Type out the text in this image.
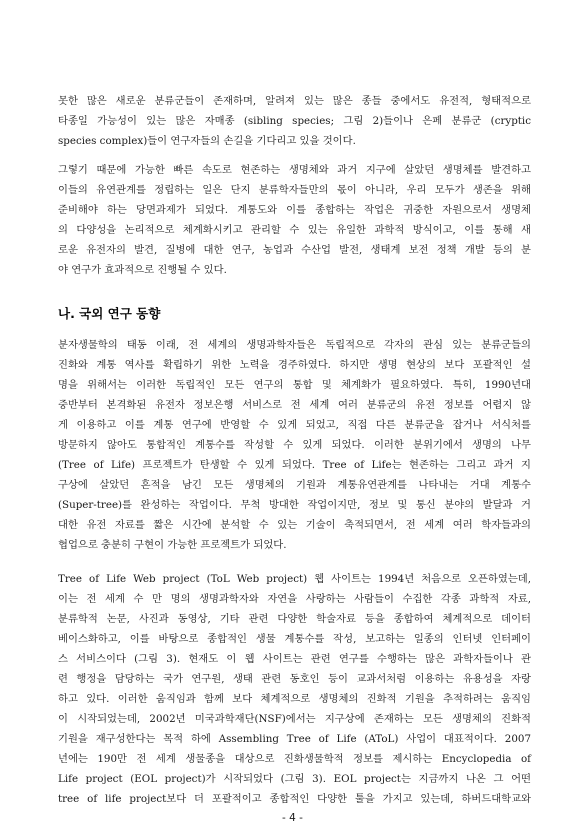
못한 많은 새로운 분류군들이 존재하며, 알려져 있는 많은 종들 중에서도 유전적, 형태적으로
타종일 가능성이 있는 많은 자매종 (sibling species; 그림 2)들이나 은페 분류군 (cryptic
species complex)들이 연구자들의 손길을 기다리고 있을 것이다.
그렇기 때문에 가능한 빠른 속도로 현존하는 생명체와 과거 지구에 살았던 생명체를 발견하고
이들의 유연관계를 정립하는 일은 단지 분류학자들만의 몫이 아니라, 우리 모두가 생존을 위해
준비해야 하는 당면과제가 되었다. 계통도와 이를 종합하는 작업은 귀중한 자원으로서 생명체
의 다양성을 논리적으로 체계화시키고 관리할 수 있는 유일한 과학적 방식이고, 이를 통해 새
로운 유전자의 발견, 질병에 대한 연구, 농업과 수산업 발전, 생태계 보전 정책 개발 등의 분
야 연구가 효과적으로 진행될 수 있다.
나. 국외 연구 동향
분자생물학의 태동 이래, 전 세계의 생명과학자들은 독립적으로 각자의 관심 있는 분류군들의
진화와 계통 역사를 확립하기 위한 노력을 경주하였다. 하지만 생명 현상의 보다 포괄적인 설
명을 위해서는 이러한 독립적인 모든 연구의 통합 및 체계화가 필요하였다. 특히, 1990년대
중반부터 본격화된 유전자 정보은행 서비스로 전 세계 여러 분류군의 유전 정보를 어렵지 않
게 이용하고 이를 계통 연구에 반영할 수 있게 되었고, 직접 다른 분류군을 잡거나 서식처를
방문하지 않아도 통합적인 계통수를 작성할 수 있게 되었다. 이러한 분위기에서 생명의 나무
(Tree of Life) 프로젝트가 탄생할 수 있게 되었다. Tree of Life는 현존하는 그리고 과거 지
구상에 살았던 흔적을 남긴 모든 생명체의 기원과 계통유연관계를 나타내는 거대 계통수
(Super-tree)를 완성하는 작업이다. 무척 방대한 작업이지만, 정보 및 통신 분야의 발달과 거
대한 유전 자료를 짧은 시간에 분석할 수 있는 기술이 축적되면서, 전 세계 여러 학자들과의
협업으로 충분히 구현이 가능한 프로젝트가 되었다.
Tree of Life Web project (ToL Web project) 웹 사이트는 1994년 처음으로 오픈하였는데,
이는 전 세계 수 만 명의 생명과학자와 자연을 사랑하는 사람들이 수집한 각종 과학적 자료,
분류학적 논문, 사진과 동영상, 기타 관련 다양한 학술자료 등을 종합하여 체계적으로 데이터
베이스화하고, 이를 바탕으로 종합적인 생물 계통수를 작성, 보고하는 일종의 인터넷 인터페이
스 서비스이다 (그림 3). 현재도 이 웹 사이트는 관련 연구를 수행하는 많은 과학자들이나 관
련 행정을 담당하는 국가 연구원, 생태 관련 동호인 등이 교과서처럼 이용하는 유용성을 자랑
하고 있다. 이러한 움직임과 함께 보다 체계적으로 생명체의 진화적 기원을 추적하려는 움직임
이 시작되었는데, 2002년 미국과학재단(NSF)에서는 지구상에 존재하는 모든 생명체의 진화적
기원을 재구성한다는 목적 하에 Assembling Tree of Life (AToL) 사업이 대표적이다. 2007
년에는 190만 전 세계 생물종을 대상으로 진화생물학적 정보를 제시하는 Encyclopedia of
Life project (EOL project)가 시작되었다 (그림 3). EOL project는 지금까지 나온 그 어떤
tree of life project보다 더 포괄적이고 종합적인 다양한 툴을 가지고 있는데, 하버드대학교와
- 4 -
